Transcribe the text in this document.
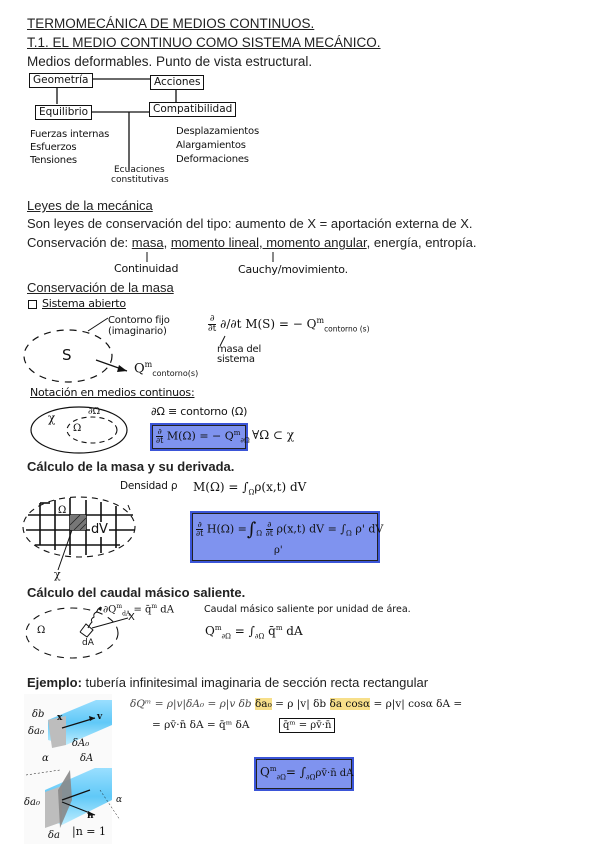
TERMOMECÁNICA DE MEDIOS CONTINUOS.
T.1. EL MEDIO CONTINUO COMO SISTEMA MECÁNICO.
Medios deformables. Punto de vista estructural.
Geometría	Acciones
Equilibrio	Compatibilidad
Fuerzas internas
Esfuerzos
Tensiones
Desplazamientos
Alargamientos
Deformaciones
Ecuaciones
constitutivas
Leyes de la mecánica
Son leyes de conservación del tipo: aumento de X = aportación externa de X.
Conservación de: masa, momento lineal, momento angular, energía, entropía.
Continuidad	Cauchy/movimiento.
Conservación de la masa
Sistema abierto
S
Contorno fijo
(imaginario)
$Q^m_{contorno(s)}$
∂
∂t ∂/∂t M(S) = − $Q^m_{contorno (s)}$
masa del
sistema
Notación en medios continuos:
χ	∂Ω
Ω
∂Ω ≡ contorno (Ω)
∂
∂t M(Ω) = − $Q^m_{\partial\Omega}$ ∀Ω ⊂ χ
Cálculo de la masa y su derivada.
Densidad ρ $M(\Omega) = \int_\Omega\rho(x,t)$ dV
Ω
dV
χ
∂
∂t $H(\Omega) =\int_\Omega$
∂
∂t ρ(x,t) dV = $\int_\Omega$ ρ' dV
ρ'
Cálculo del caudal másico saliente.
$\partial Q^m_{dA}$ = q̄$^m$ dA
Ω
X
dA
Caudal másico saliente por unidad de área.
$Q^m_{\partial\Omega} = \int_{\partial\Omega}$ q̄$^m$ dA
Ejemplo: tubería infinitesimal imaginaria de sección recta rectangular
δb
δa₀
δA₀
x	v
α	δA
δa₀
δa
n
|n = 1
α
δQᵐ = ρ|v|δA₀ = ρ|v δb δa₀ = ρ |v| δb δa cosα = ρ|v| cosα δA =
= ρv̄·n̄ δA = q̄ᵐ δA	q̄ᵐ = ρv̄·n̄
$Q^m_{\partial\Omega}=$ $\int_{\partial\Omega}\rho v̄\cdot n̄$ dA
